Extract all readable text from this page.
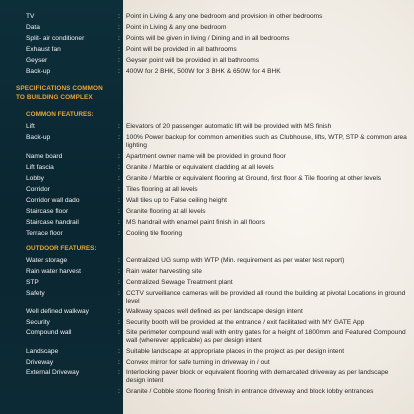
TV	: Point in Living & any one bedroom and provision in other bedrooms
Data	: Point in Living & any one bedroom
Split- air conditioner	: Points will be given in living / Dining and in all bedrooms
Exhaust fan	: Point will be provided in all bathrooms
Geyser	: Geyser point will be provided in all bathrooms
Back-up	: 400W for 2 BHK, 500W for 3 BHK & 650W for 4 BHK
SPECIFICATIONS COMMON
TO BUILDING COMPLEX
COMMON FEATURES:
Lift	: Elevators of 20 passenger automatic lift will be provided with MS finish
Back-up	: 100% Power backup for common amenities such as Clubhouse, lifts, WTP, STP & common area lighting
Name board	: Apartment owner name will be provided in ground floor
Lift fascia	: Granite / Marble or equivalent cladding at all levels
Lobby	: Granite / Marble or equivalent flooring at Ground, first floor & Tile flooring at other levels
Corridor	: Tiles flooring at all levels
Corridor wall dado	: Wall tiles up to False ceiling height
Staircase floor	: Granite flooring at all levels
Staircase handrail	: MS handrail with enamel paint finish in all floors
Terrace floor	: Cooling tile flooring
OUTDOOR FEATURES:
Water storage	: Centralized UG sump with WTP (Min. requirement as per water test report)
Rain water harvest	: Rain water harvesting site
STP	: Centralized Sewage Treatment plant
Safety	: CCTV surveillance cameras will be provided all round the building at pivotal Locations in ground level
Well defined walkway	: Walkway spaces well defined as per landscape design intent
Security	: Security booth will be provided at the entrance / exit facilitated with MY GATE App
Compound wall	: Site perimeter compound wall with entry gates for a height of 1800mm and Featured Compound wall (wherever applicable) as per design intent
Landscape	: Suitable landscape at appropriate places in the project as per design intent
Driveway	: Convex mirror for safe turning in driveway in / out
External Driveway	: Interlocking paver block or equivalent flooring with demarcated driveway as per landscape design intent
: Granite / Cobble stone flooring finish in entrance driveway and block lobby entrances
